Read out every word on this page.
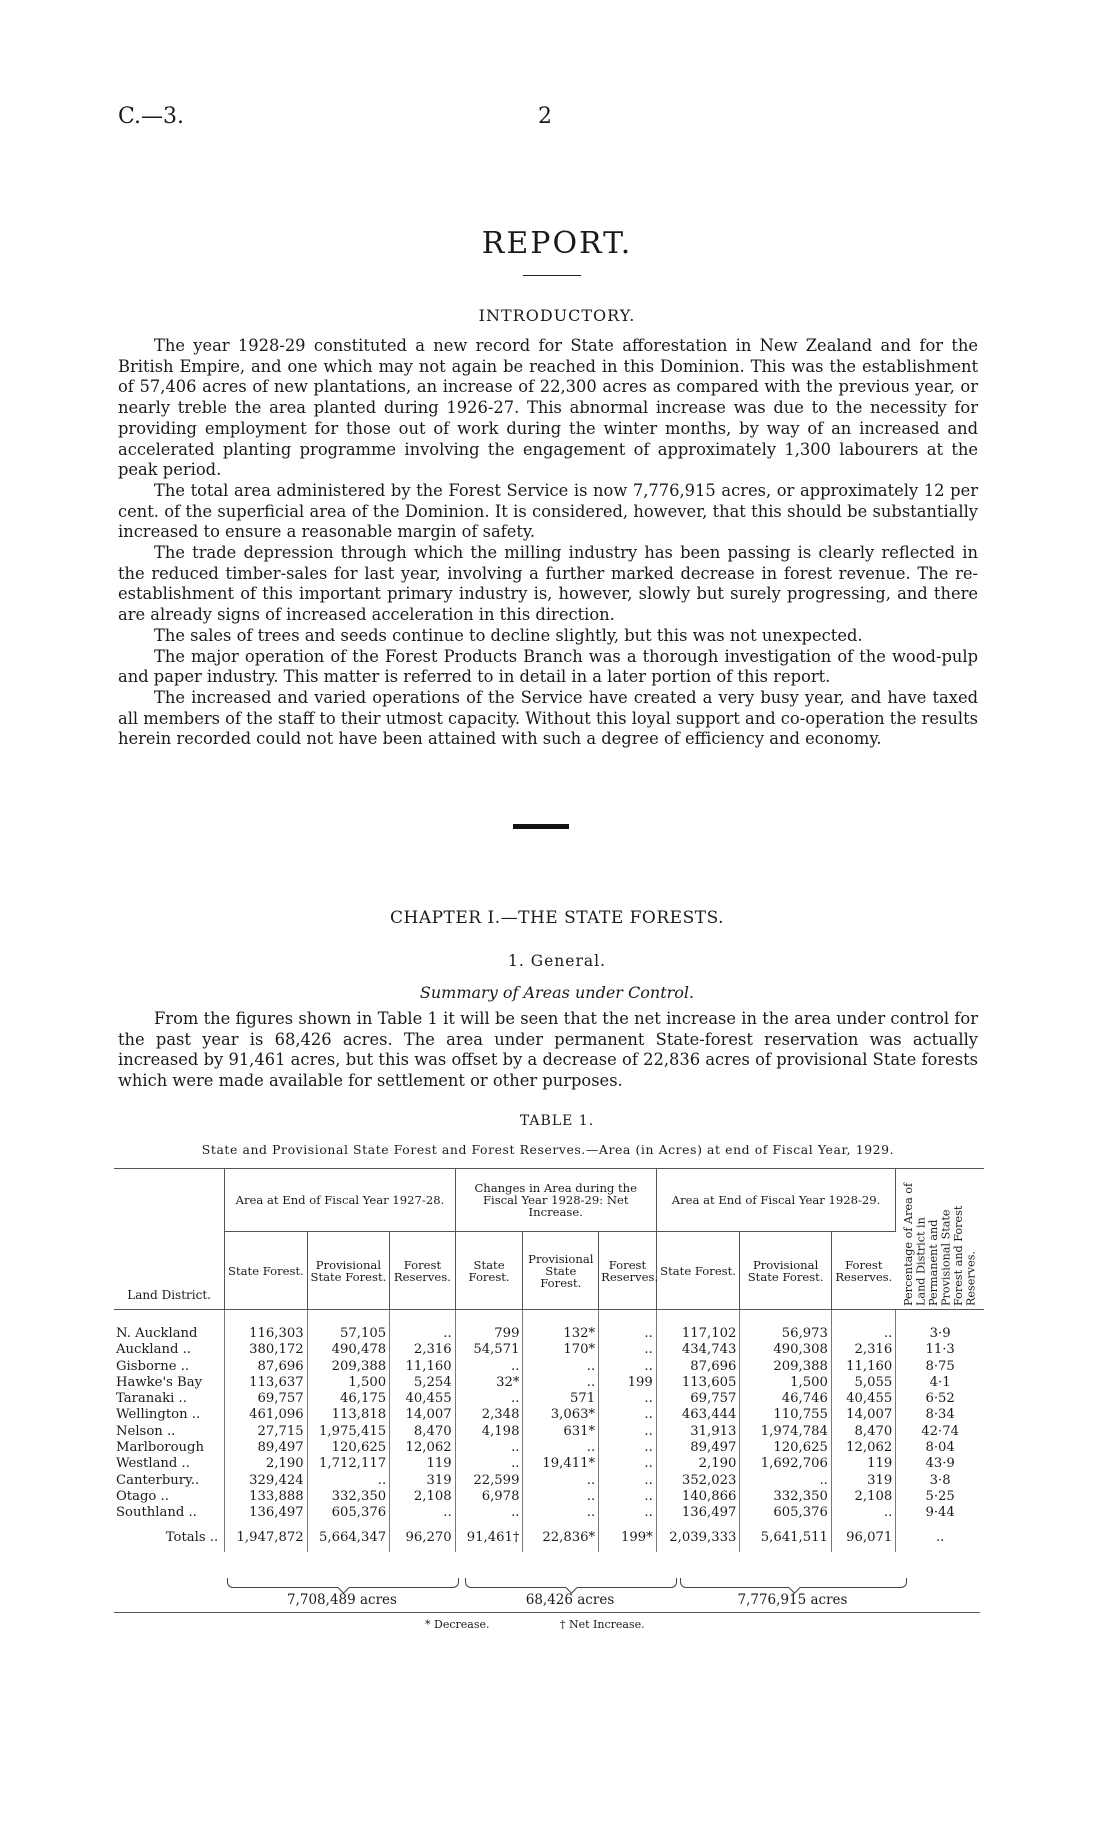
C.—3.	2
REPORT.
INTRODUCTORY.

The year 1928-29 constituted a new record for State afforestation in New Zealand and for the British Empire, and one which may not again be reached in this Dominion. This was the establishment of 57,406 acres of new plantations, an increase of 22,300 acres as compared with the previous year, or nearly treble the area planted during 1926-27. This abnormal increase was due to the necessity for providing employment for those out of work during the winter months, by way of an increased and accelerated planting programme involving the engagement of approximately 1,300 labourers at the peak period.

The total area administered by the Forest Service is now 7,776,915 acres, or approximately 12 per cent. of the superficial area of the Dominion. It is considered, however, that this should be substantially increased to ensure a reasonable margin of safety.

The trade depression through which the milling industry has been passing is clearly reflected in the reduced timber-sales for last year, involving a further marked decrease in forest revenue. The re-establishment of this important primary industry is, however, slowly but surely progressing, and there are already signs of increased acceleration in this direction.

The sales of trees and seeds continue to decline slightly, but this was not unexpected.

The major operation of the Forest Products Branch was a thorough investigation of the wood-pulp and paper industry. This matter is referred to in detail in a later portion of this report.

The increased and varied operations of the Service have created a very busy year, and have taxed all members of the staff to their utmost capacity. Without this loyal support and co-operation the results herein recorded could not have been attained with such a degree of efficiency and economy.

CHAPTER I.—THE STATE FORESTS.
1. General.
Summary of Areas under Control.

From the figures shown in Table 1 it will be seen that the net increase in the area under control for the past year is 68,426 acres. The area under permanent State-forest reservation was actually increased by 91,461 acres, but this was offset by a decrease of 22,836 acres of provisional State forests which were made available for settlement or other purposes.

TABLE 1.
State and Provisional State Forest and Forest Reserves.—Area (in Acres) at end of Fiscal Year, 1929.
Land District.	Area at End of Fiscal Year 1927-28.			Changes in Area during the Fiscal Year 1928-29: Net Increase.			Area at End of Fiscal Year 1928-29.			Percentage of Area of Land District in Permanent and Provisional State Forest and Forest Reserves.

	State Forest.	Provisional State Forest.	Forest Reserves.	State Forest.	Provisional State Forest.	Forest Reserves.	State Forest.	Provisional State Forest.	Forest Reserves.	

N. Auckland	116,303	57,105	..	799	132*	..	117,102	56,973	..	3·9
Auckland ..	380,172	490,478	2,316	54,571	170*	..	434,743	490,308	2,316	11·3
Gisborne ..	87,696	209,388	11,160	..	..	..	87,696	209,388	11,160	8·75
Hawke's Bay	113,637	1,500	5,254	32*	..	199	113,605	1,500	5,055	4·1
Taranaki ..	69,757	46,175	40,455	..	571	..	69,757	46,746	40,455	6·52
Wellington ..	461,096	113,818	14,007	2,348	3,063*	..	463,444	110,755	14,007	8·34
Nelson ..	27,715	1,975,415	8,470	4,198	631*	..	31,913	1,974,784	8,470	42·74
Marlborough	89,497	120,625	12,062	..	..	..	89,497	120,625	12,062	8·04
Westland ..	2,190	1,712,117	119	..	19,411*	..	2,190	1,692,706	119	43·9
Canterbury..	329,424	..	319	22,599	..	..	352,023	..	319	3·8
Otago ..	133,888	332,350	2,108	6,978	..	..	140,866	332,350	2,108	5·25
Southland ..	136,497	605,376	..	..	..	..	136,497	605,376	..	9·44
Totals ..	1,947,872	5,664,347	96,270	91,461†	22,836*	199*	2,039,333	5,641,511	96,071	..
7,708,489 acres	68,426 acres	7,776,915 acres
* Decrease.	† Net Increase.
